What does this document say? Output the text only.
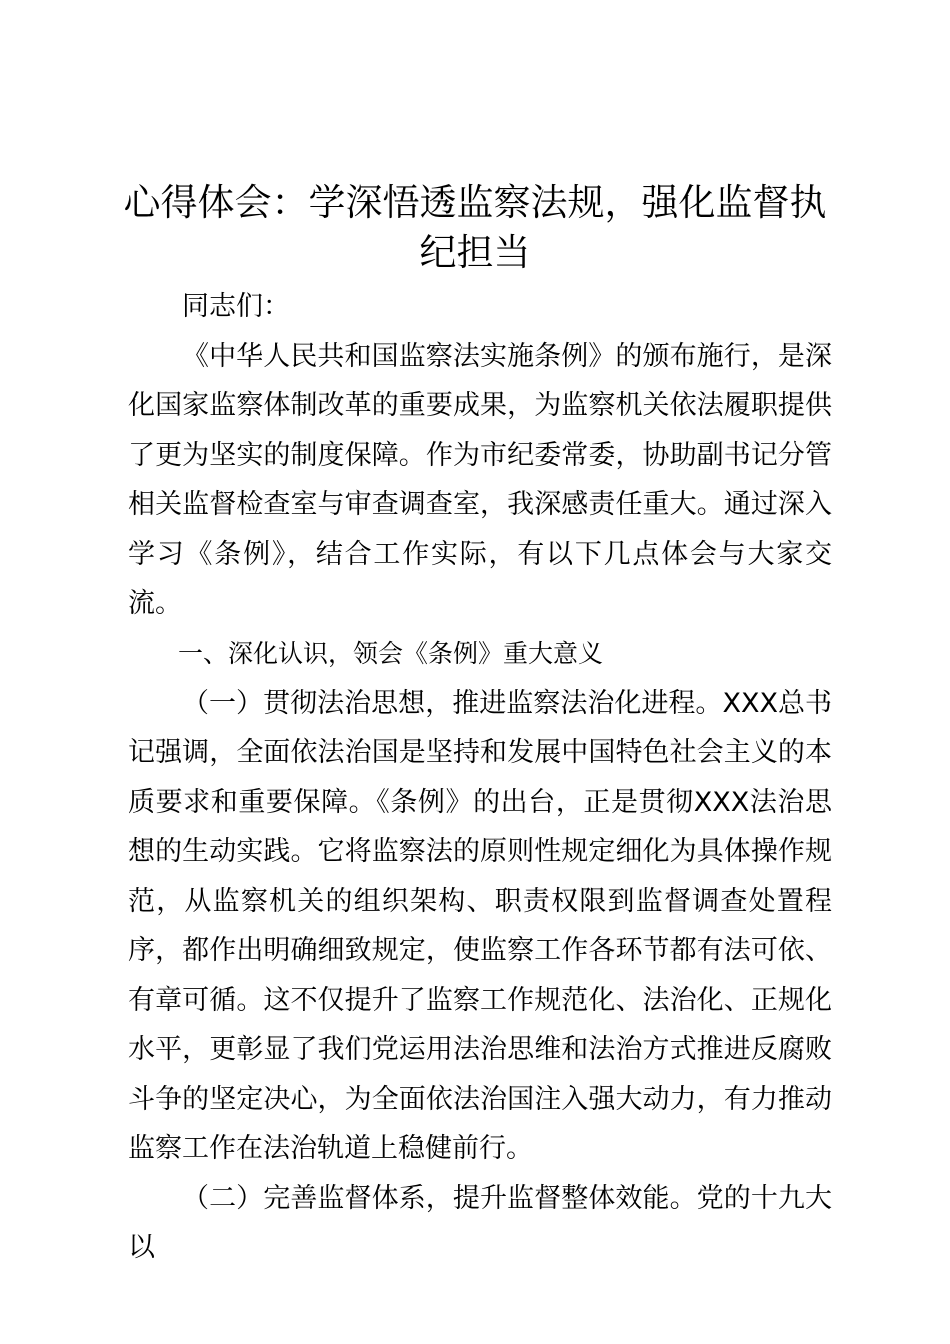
心得体会：学深悟透监察法规，强化监督执纪担当

同志们：

《中华人民共和国监察法实施条例》的颁布施行，是深化国家监察体制改革的重要成果，为监察机关依法履职提供了更为坚实的制度保障。作为市纪委常委，协助副书记分管相关监督检查室与审查调查室，我深感责任重大。通过深入学习《条例》，结合工作实际，有以下几点体会与大家交流。

一、深化认识，领会《条例》重大意义

（一）贯彻法治思想，推进监察法治化进程。XXX总书记强调，全面依法治国是坚持和发展中国特色社会主义的本质要求和重要保障。《条例》的出台，正是贯彻XXX法治思想的生动实践。它将监察法的原则性规定细化为具体操作规范，从监察机关的组织架构、职责权限到监督调查处置程序，都作出明确细致规定，使监察工作各环节都有法可依、有章可循。这不仅提升了监察工作规范化、法治化、正规化水平，更彰显了我们党运用法治思维和法治方式推进反腐败斗争的坚定决心，为全面依法治国注入强大动力，有力推动监察工作在法治轨道上稳健前行。

（二）完善监督体系，提升监督整体效能。党的十九大以
